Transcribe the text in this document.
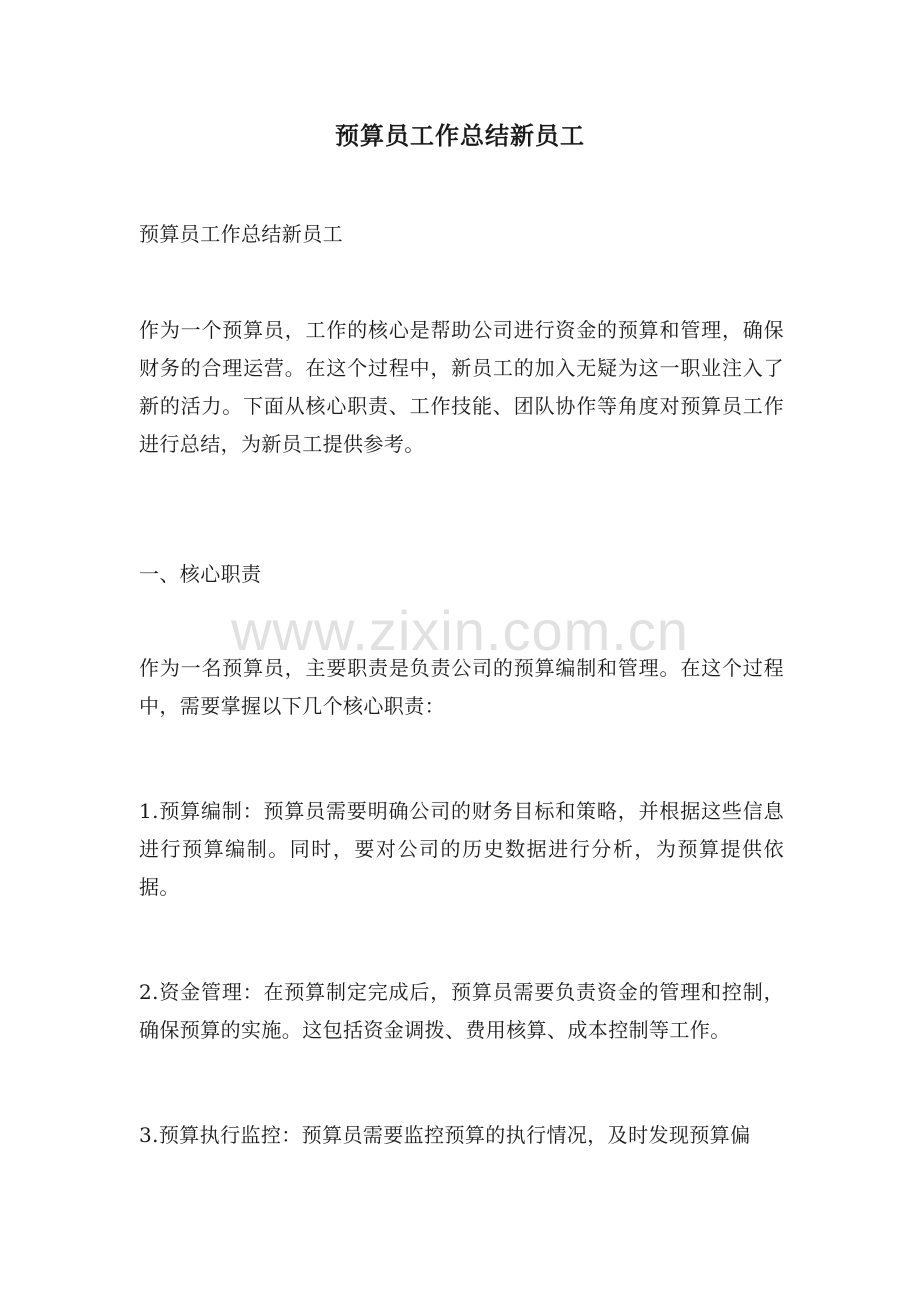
预算员工作总结新员工

预算员工作总结新员工

作为一个预算员，工作的核心是帮助公司进行资金的预算和管理，确保财务的合理运营。在这个过程中，新员工的加入无疑为这一职业注入了新的活力。下面从核心职责、工作技能、团队协作等角度对预算员工作进行总结，为新员工提供参考。

一、核心职责

作为一名预算员，主要职责是负责公司的预算编制和管理。在这个过程中，需要掌握以下几个核心职责：

1.预算编制：预算员需要明确公司的财务目标和策略，并根据这些信息进行预算编制。同时，要对公司的历史数据进行分析，为预算提供依据。

2.资金管理：在预算制定完成后，预算员需要负责资金的管理和控制，确保预算的实施。这包括资金调拨、费用核算、成本控制等工作。

3.预算执行监控：预算员需要监控预算的执行情况，及时发现预算偏

www.zixin.com.cn
